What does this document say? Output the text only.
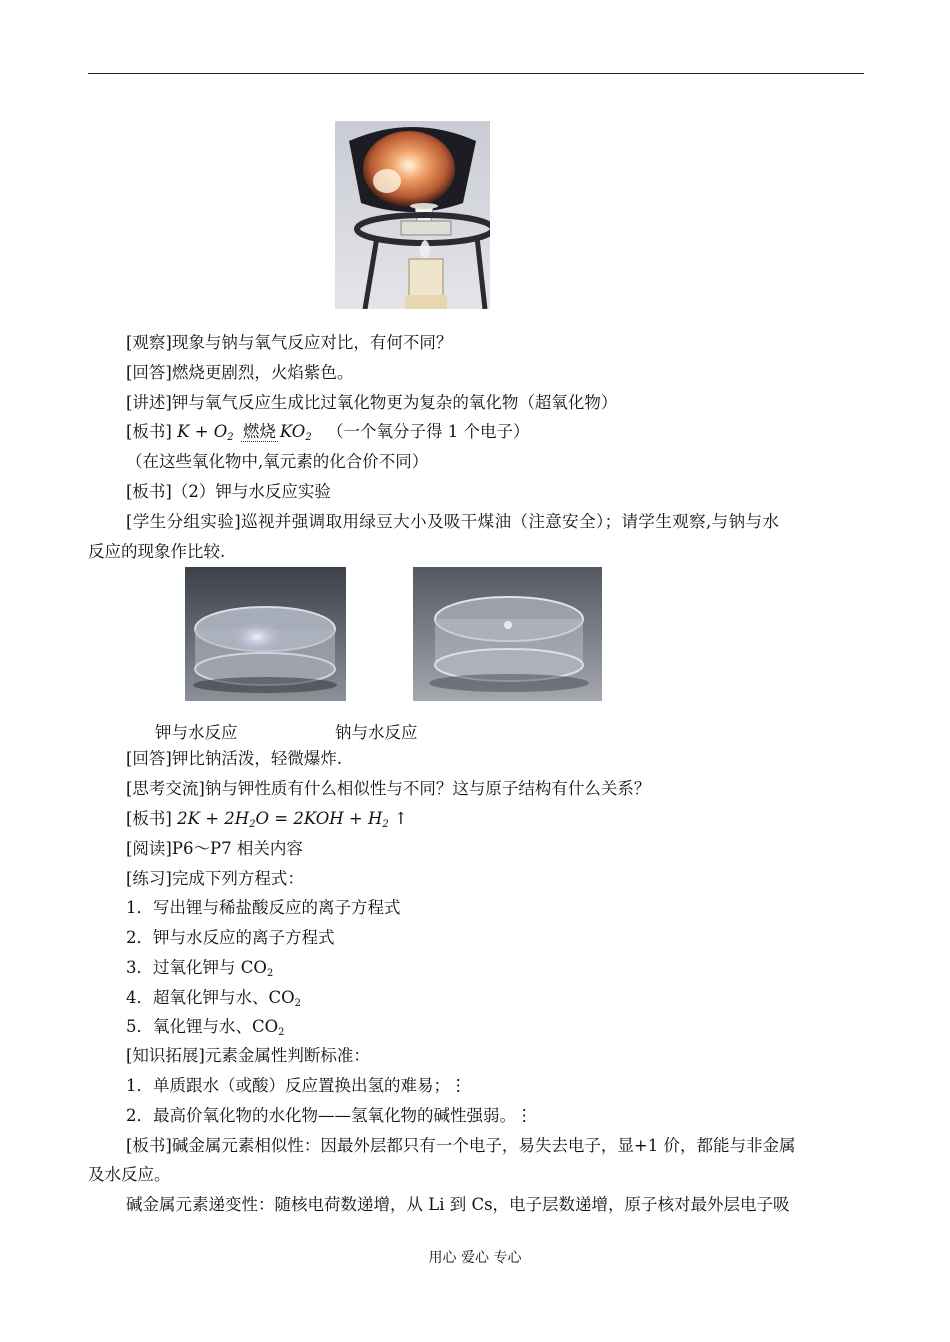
[观察]现象与钠与氧气反应对比，有何不同？
[回答]燃烧更剧烈，火焰紫色。
[讲述]钾与氧气反应生成比过氧化物更为复杂的氧化物（超氧化物）
[板书] $K + O_2$ 燃烧 $KO_2$ （一个氧分子得 1 个电子）
（在这些氧化物中,氧元素的化合价不同）
[板书]（2）钾与水反应实验
[学生分组实验]巡视并强调取用绿豆大小及吸干煤油（注意安全）；请学生观察,与钠与水
反应的现象作比较.
钾与水反应	钠与水反应
[回答]钾比钠活泼，轻微爆炸.
[思考交流]钠与钾性质有什么相似性与不同？这与原子结构有什么关系？
[板书] $2K + 2H_2O = 2KOH + H_2$ ↑
[阅读]P6～P7 相关内容
[练习]完成下列方程式：
1．写出锂与稀盐酸反应的离子方程式
2．钾与水反应的离子方程式
3．过氧化钾与 $CO_2$
4．超氧化钾与水、$CO_2$
5．氧化锂与水、$CO_2$
[知识拓展]元素金属性判断标准：
1．单质跟水（或酸）反应置换出氢的难易；⋮
2．最高价氧化物的水化物——氢氧化物的碱性强弱。⋮
[板书]碱金属元素相似性：因最外层都只有一个电子，易失去电子，显+1 价，都能与非金属
及水反应。
碱金属元素递变性：随核电荷数递增，从 Li 到 Cs，电子层数递增，原子核对最外层电子吸
用心 爱心 专心
